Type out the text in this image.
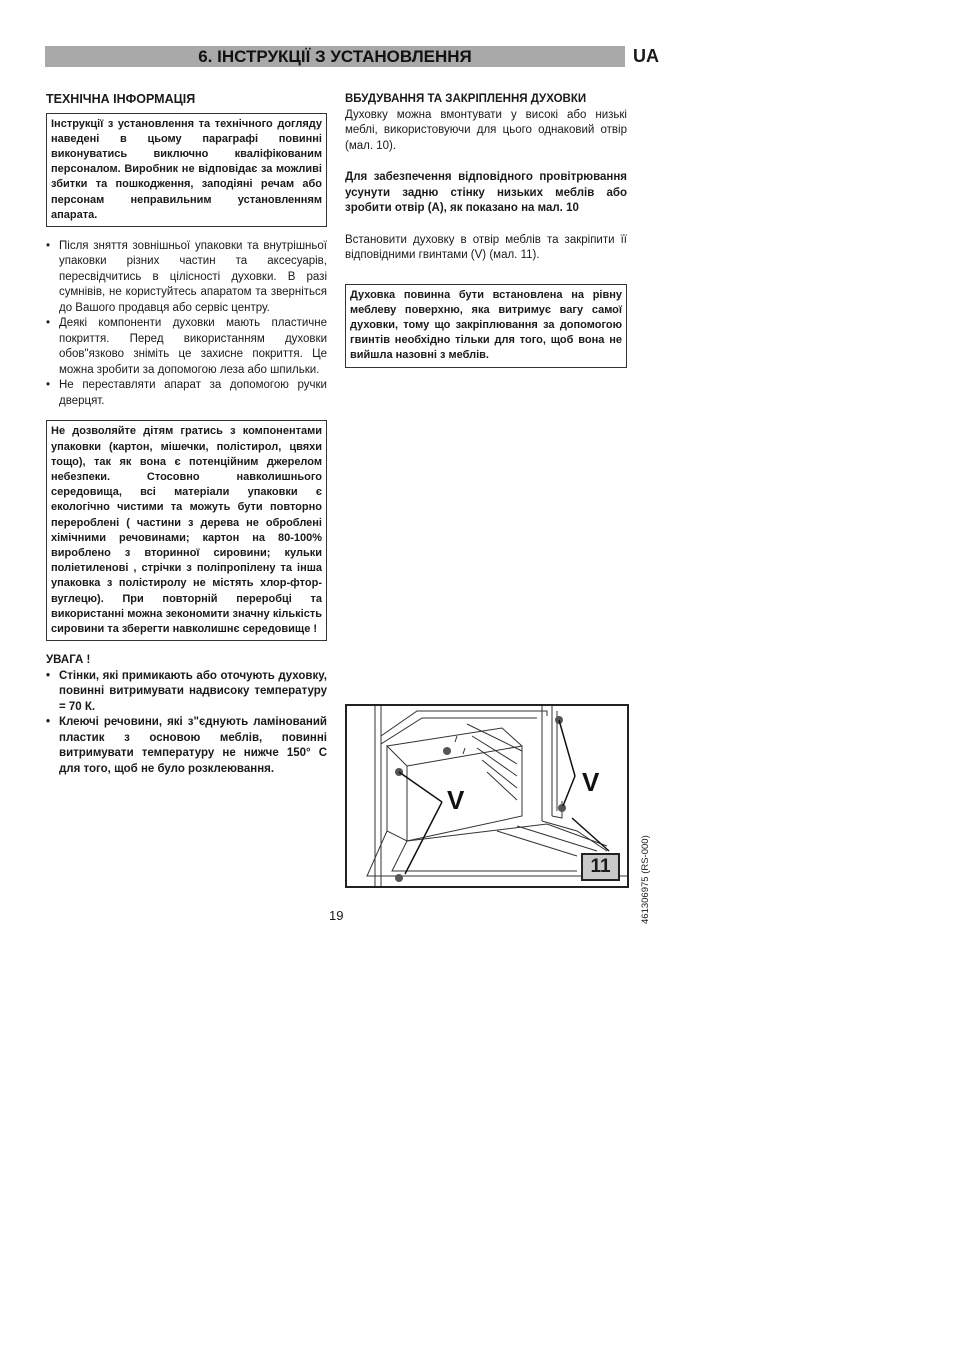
6. ІНСТРУКЦІЇ З УСТАНОВЛЕННЯ	UA
ТЕХНІЧНА ІНФОРМАЦІЯ
Інструкції з установлення та технічного догляду наведені в цьому параграфі повинні виконуватись виключно кваліфікованим персоналом. Виробник не відповідає за можливі збитки та пошкодження, заподіяні речам або персонам неправильним установленням апарата.
• Після зняття зовнішньої упаковки та внутрішньої упаковки різних частин та аксесуарів, пересвідчитись в цілісності духовки. В разі сумнівів, не користуйтесь апаратом та зверніться до Вашого продавця або сервіс центру.
• Деякі компоненти духовки мають пластичне покриття. Перед використанням духовки обов"язково зніміть це захисне покриття. Це можна зробити за допомогою леза або шпильки.
• Не переставляти апарат за допомогою ручки дверцят.
Не дозволяйте дітям гратись з компонентами упаковки (картон, мішечки, полістирол, цвяхи тощо), так як вона є потенційним джерелом небезпеки. Стосовно навколишнього середовища, всі матеріали упаковки є екологічно чистими та можуть бути повторно перероблені ( частини з дерева не оброблені хімічними речовинами; картон на 80-100% вироблено з вторинної сировини; кульки поліетиленові , стрічки з поліпропілену та інша упаковка з полістиролу не містять хлор-фтор-вуглецю). При повторній переробці та використанні можна зекономити значну кількість сировини та зберегти навколишнє середовище !
УВАГА !
• Стінки, які примикають або оточують духовку, повинні витримувати надвисоку температуру = 70 К.
• Клеючі речовини, які з"єднують ламінований пластик з основою меблів, повинні витримувати температуру не нижче 150° С для того, щоб не було розклеювання.
ВБУДУВАННЯ ТА ЗАКРІПЛЕННЯ ДУХОВКИ

Духовку можна вмонтувати у високі або низькі меблі, використовуючи для цього однаковий отвір (мал. 10).

Для забезпечення відповідного провітрювання усунути задню стінку низьких меблів або зробити отвір (А), як показано на мал. 10

Встановити духовку в отвір меблів та закріпити її відповідними гвинтами (V) (мал. 11).

Духовка повинна бути встановлена на рівну меблеву поверхню, яка витримує вагу самої духовки, тому що закріплювання за допомогою гвинтів необхідно тільки для того, щоб вона не вийшла назовні з меблів.
V
V
11
19	461306975 (RS-000)
